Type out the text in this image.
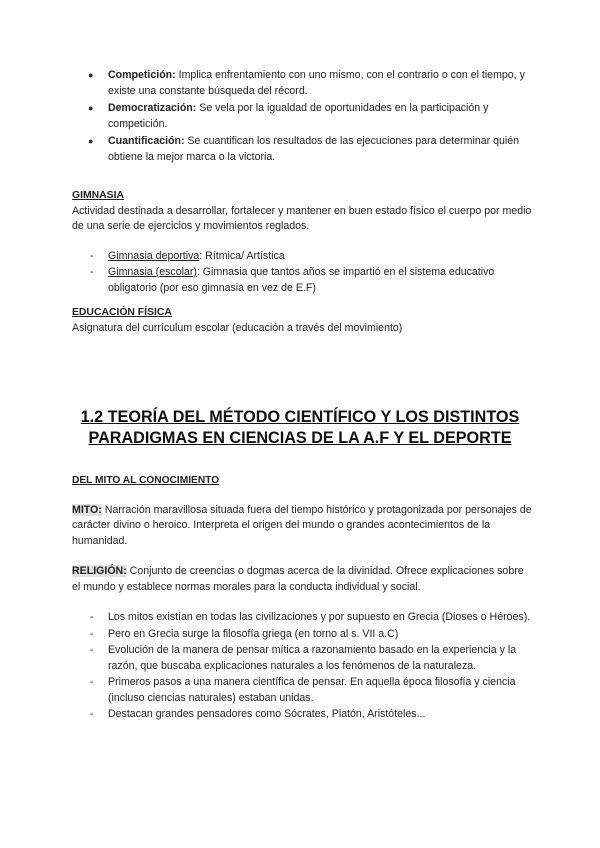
● Competición: Implica enfrentamiento con uno mismo, con el contrario o con el tiempo, y existe una constante búsqueda del récord.
● Democratización: Se vela por la igualdad de oportunidades en la participación y competición.
● Cuantificación: Se cuantifican los resultados de las ejecuciones para determinar quién obtiene la mejor marca o la victoria.
GIMNASIA

Actividad destinada a desarrollar, fortalecer y mantener en buen estado físico el cuerpo por medio de una serie de ejercicios y movimientos reglados.

- Gimnasia deportiva: Rítmica/ Artística
- Gimnasia (escolar): Gimnasia que tantos años se impartió en el sistema educativo obligatorio (por eso gimnasia en vez de E.F)
EDUCACIÓN FÍSICA

Asignatura del currículum escolar (educación a través del movimiento)

1.2 TEORÍA DEL MÉTODO CIENTÍFICO Y LOS DISTINTOS PARADIGMAS EN CIENCIAS DE LA A.F Y EL DEPORTE
DEL MITO AL CONOCIMIENTO

MITO: Narración maravillosa situada fuera del tiempo histórico y protagonizada por personajes de carácter divino o heroico. Interpreta el origen del mundo o grandes acontecimientos de la humanidad.

RELIGIÓN: Conjunto de creencias o dogmas acerca de la divinidad. Ofrece explicaciones sobre el mundo y establece normas morales para la conducta individual y social.

- Los mitos existían en todas las civilizaciones y por supuesto en Grecia (Dioses o Héroes).
- Pero en Grecia surge la filosofía griega (en torno al s. VII a.C)
- Evolución de la manera de pensar mítica a razonamiento basado en la experiencia y la razón, que buscaba explicaciones naturales a los fenómenos de la naturaleza.
- Primeros pasos a una manera científica de pensar. En aquella época filosofía y ciencia (incluso ciencias naturales) estaban unidas.
- Destacan grandes pensadores como Sócrates, Platón, Aristóteles...
